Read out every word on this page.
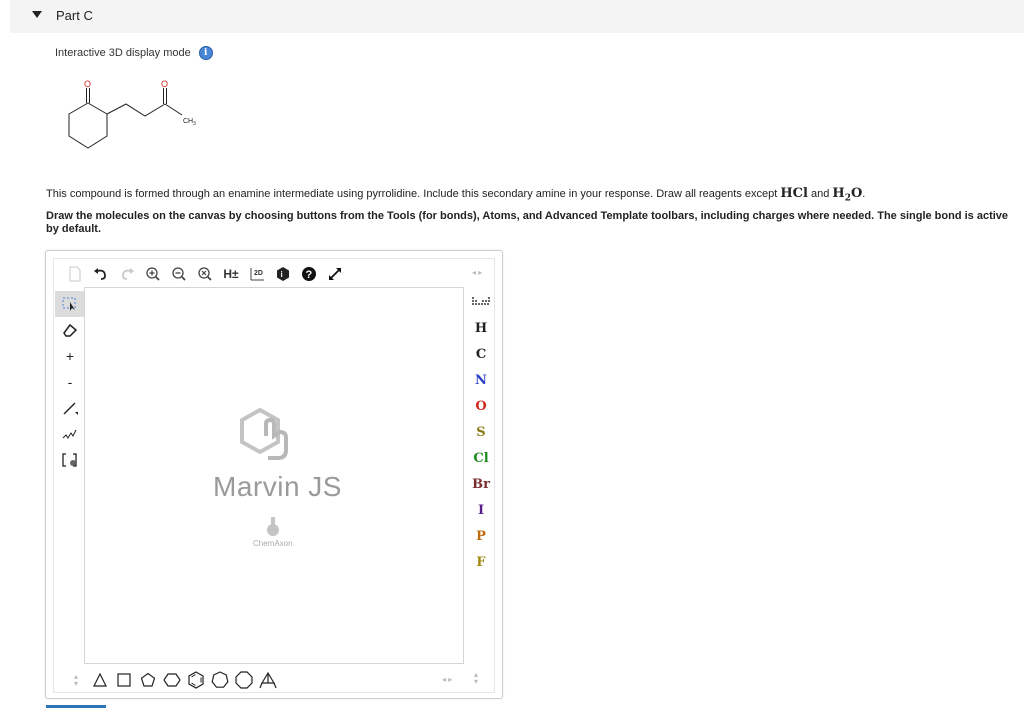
Part C
Interactive 3D display mode	i
O	O
$CH_3$
This compound is formed through an enamine intermediate using pyrrolidine. Include this secondary amine in your response. Draw all reagents except HCl and $H_2O$.
Draw the molecules on the canvas by choosing buttons from the Tools (for bonds), Atoms, and Advanced Template toolbars, including charges where needed. The single bond is active by default.
H±	2D i ?	◂ ▸
+
-
Marvin JS
ChemAxon
H
C
N
O
S
Cl
Br
I
P
F
▴
▾	◂ ▸
▴
▾
